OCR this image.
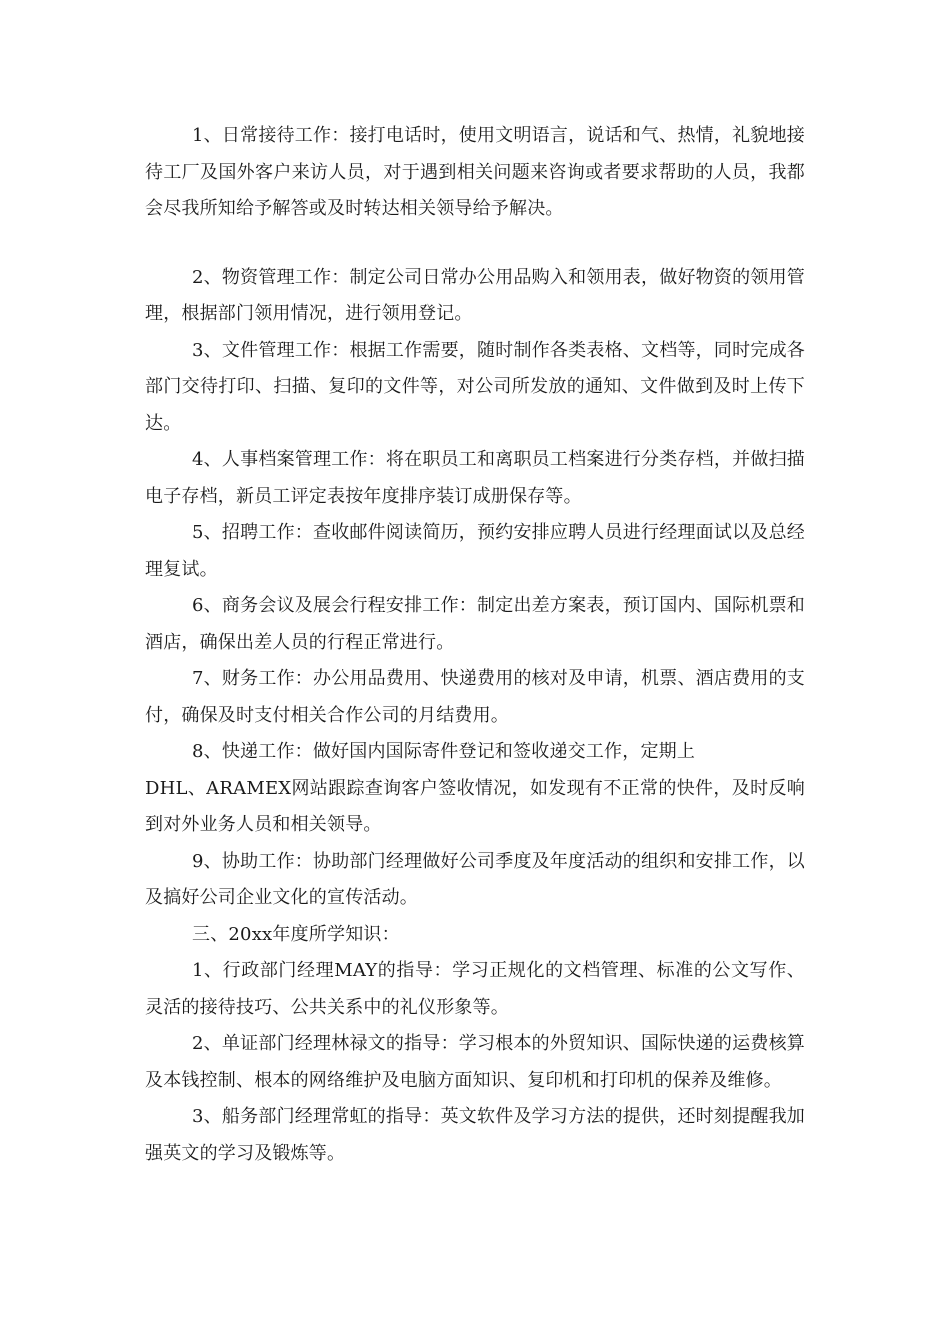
1、日常接待工作：接打电话时，使用文明语言，说话和气、热情，礼貌地接待工厂及国外客户来访人员，对于遇到相关问题来咨询或者要求帮助的人员，我都会尽我所知给予解答或及时转达相关领导给予解决。

2、物资管理工作：制定公司日常办公用品购入和领用表，做好物资的领用管理，根据部门领用情况，进行领用登记。

3、文件管理工作：根据工作需要，随时制作各类表格、文档等，同时完成各部门交待打印、扫描、复印的文件等，对公司所发放的通知、文件做到及时上传下达。

4、人事档案管理工作：将在职员工和离职员工档案进行分类存档，并做扫描电子存档，新员工评定表按年度排序装订成册保存等。

5、招聘工作：查收邮件阅读简历，预约安排应聘人员进行经理面试以及总经理复试。

6、商务会议及展会行程安排工作：制定出差方案表，预订国内、国际机票和酒店，确保出差人员的行程正常进行。

7、财务工作：办公用品费用、快递费用的核对及申请，机票、酒店费用的支付，确保及时支付相关合作公司的月结费用。

8、快递工作：做好国内国际寄件登记和签收递交工作，定期上

DHL、ARAMEX网站跟踪查询客户签收情况，如发现有不正常的快件，及时反响到对外业务人员和相关领导。

9、协助工作：协助部门经理做好公司季度及年度活动的组织和安排工作，以及搞好公司企业文化的宣传活动。

三、20xx年度所学知识：

1、行政部门经理MAY的指导：学习正规化的文档管理、标准的公文写作、灵活的接待技巧、公共关系中的礼仪形象等。

2、单证部门经理林禄文的指导：学习根本的外贸知识、国际快递的运费核算及本钱控制、根本的网络维护及电脑方面知识、复印机和打印机的保养及维修。

3、船务部门经理常虹的指导：英文软件及学习方法的提供，还时刻提醒我加强英文的学习及锻炼等。
